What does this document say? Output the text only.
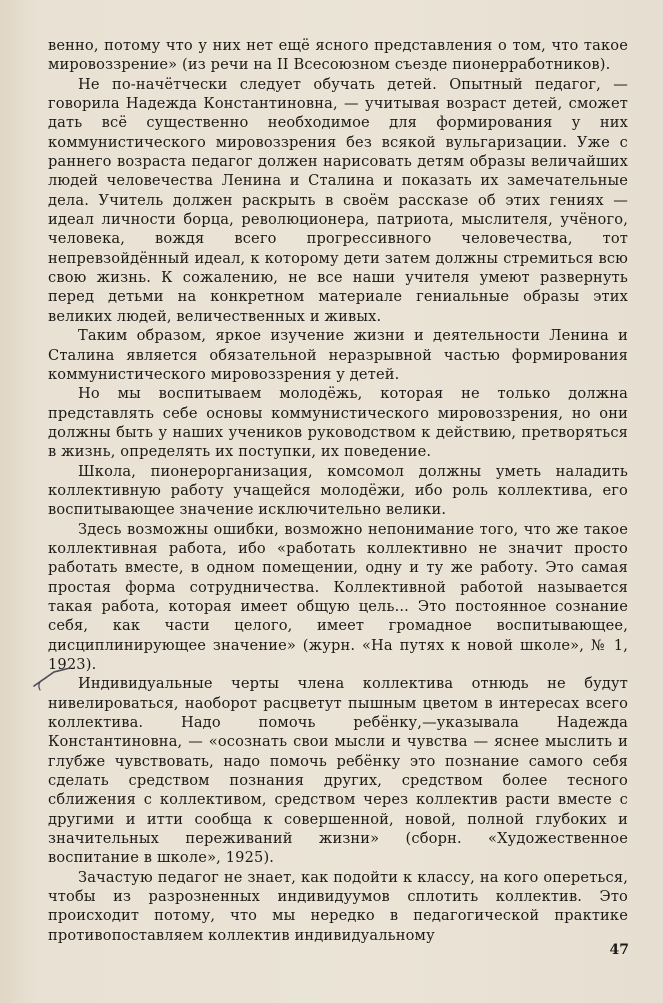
венно, потому что у них нет ещё ясного представления о том, что такое мировоззрение» (из речи на II Всесоюзном съезде пионерработников).

Не по-начётчески следует обучать детей. Опытный педагог, — говорила Надежда Константиновна, — учитывая возраст детей, сможет дать всё существенно необходимое для формирования у них коммунистического мировоззрения без всякой вульгаризации. Уже с раннего возраста педагог должен нарисовать детям образы величайших людей человечества Ленина и Сталина и показать их замечательные дела. Учитель должен раскрыть в своём рассказе об этих гениях — идеал личности борца, революционера, патриота, мыслителя, учёного, человека, вождя всего прогрессивного человечества, тот непревзойдённый идеал, к которому дети затем должны стремиться всю свою жизнь. К сожалению, не все наши учителя умеют развернуть перед детьми на конкретном материале гениальные образы этих великих людей, величественных и живых.

Таким образом, яркое изучение жизни и деятельности Ленина и Сталина является обязательной неразрывной частью формирования коммунистического мировоззрения у детей.

Но мы воспитываем молодёжь, которая не только должна представлять себе основы коммунистического мировоззрения, но они должны быть у наших учеников руководством к действию, претворяться в жизнь, определять их поступки, их поведение.

Школа, пионерорганизация, комсомол должны уметь наладить коллективную работу учащейся молодёжи, ибо роль коллектива, его воспитывающее значение исключительно велики.

Здесь возможны ошибки, возможно непонимание того, что же такое коллективная работа, ибо «работать коллективно не значит просто работать вместе, в одном помещении, одну и ту же работу. Это самая простая форма сотрудничества. Коллективной работой называется такая работа, которая имеет общую цель... Это постоянное сознание себя, как части целого, имеет громадное воспитывающее, дисциплинирующее значение» (журн. «На путях к новой школе», № 1, 1923).

Индивидуальные черты члена коллектива отнюдь не будут нивелироваться, наоборот расцветут пышным цветом в интересах всего коллектива. Надо помочь ребёнку,—указывала Надежда Константиновна, — «осознать свои мысли и чувства — яснее мыслить и глубже чувствовать, надо помочь ребёнку это познание самого себя сделать средством познания других, средством более тесного сближения с коллективом, средством через коллектив расти вместе с другими и итти сообща к совершенной, новой, полной глубоких и значительных переживаний жизни» (сборн. «Художественное воспитание в школе», 1925).

Зачастую педагог не знает, как подойти к классу, на кого опереться, чтобы из разрозненных индивидуумов сплотить коллектив. Это происходит потому, что мы нередко в педагогической практике противопоставляем коллектив индивидуальному

47
